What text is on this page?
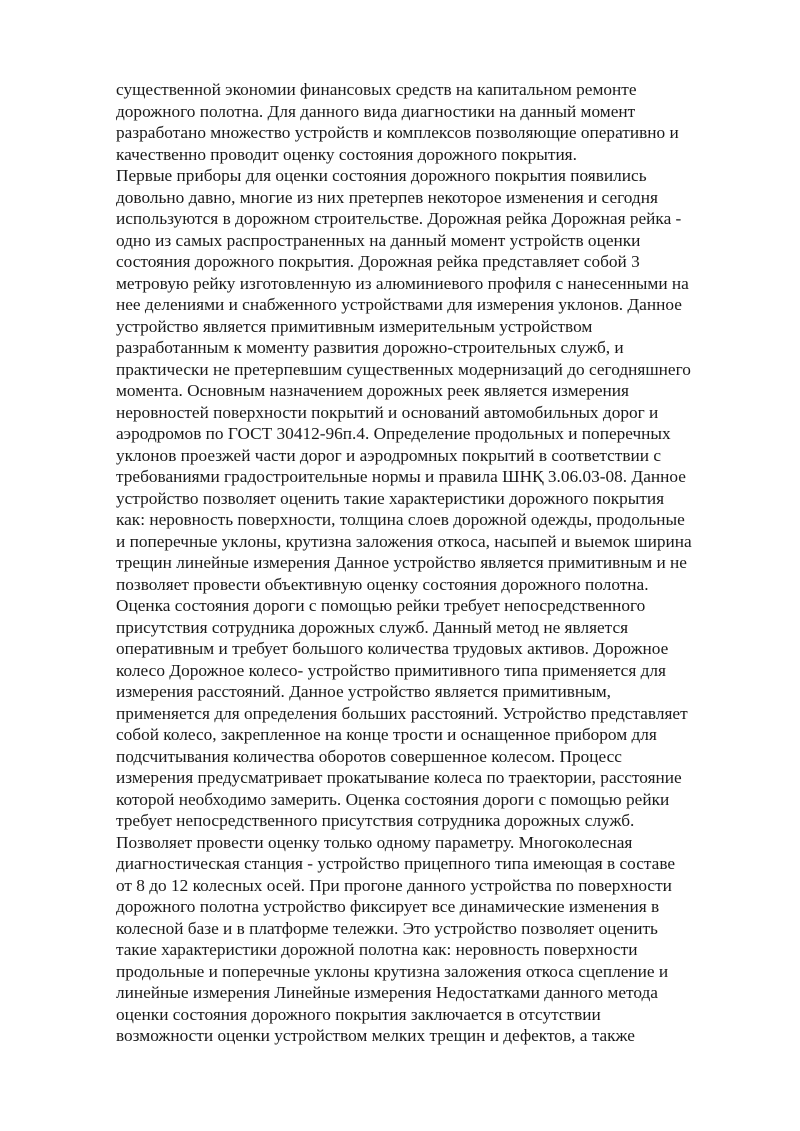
существенной экономии финансовых средств на капитальном ремонте
дорожного полотна. Для данного вида диагностики на данный момент
разработано множество устройств и комплексов позволяющие оперативно и
качественно проводит оценку состояния дорожного покрытия.
Первые приборы для оценки состояния дорожного покрытия появились
довольно давно, многие из них претерпев некоторое изменения и сегодня
используются в дорожном строительстве. Дорожная рейка Дорожная рейка -
одно из самых распространенных на данный момент устройств оценки
состояния дорожного покрытия. Дорожная рейка представляет собой 3
метровую рейку изготовленную из алюминиевого профиля с нанесенными на
нее делениями и снабженного устройствами для измерения уклонов. Данное
устройство является примитивным измерительным устройством
разработанным к моменту развития дорожно-строительных служб, и
практически не претерпевшим существенных модернизаций до сегодняшнего
момента. Основным назначением дорожных реек является измерения
неровностей поверхности покрытий и оснований автомобильных дорог и
аэродромов по ГОСТ 30412-96п.4. Определение продольных и поперечных
уклонов проезжей части дорог и аэродромных покрытий в соответствии с
требованиями градостроительные нормы и правила ШНҚ 3.06.03-08. Данное
устройство позволяет оценить такие характеристики дорожного покрытия
как: неровность поверхности, толщина слоев дорожной одежды, продольные
и поперечные уклоны, крутизна заложения откоса, насыпей и выемок ширина
трещин линейные измерения Данное устройство является примитивным и не
позволяет провести объективную оценку состояния дорожного полотна.
Оценка состояния дороги с помощью рейки требует непосредственного
присутствия сотрудника дорожных служб. Данный метод не является
оперативным и требует большого количества трудовых активов. Дорожное
колесо Дорожное колесо- устройство примитивного типа применяется для
измерения расстояний. Данное устройство является примитивным,
применяется для определения больших расстояний. Устройство представляет
собой колесо, закрепленное на конце трости и оснащенное прибором для
подсчитывания количества оборотов совершенное колесом. Процесс
измерения предусматривает прокатывание колеса по траектории, расстояние
которой необходимо замерить. Оценка состояния дороги с помощью рейки
требует непосредственного присутствия сотрудника дорожных служб.
Позволяет провести оценку только одному параметру. Многоколесная
диагностическая станция - устройство прицепного типа имеющая в составе
от 8 до 12 колесных осей. При прогоне данного устройства по поверхности
дорожного полотна устройство фиксирует все динамические изменения в
колесной базе и в платформе тележки. Это устройство позволяет оценить
такие характеристики дорожной полотна как: неровность поверхности
продольные и поперечные уклоны крутизна заложения откоса сцепление и
линейные измерения Линейные измерения Недостатками данного метода
оценки состояния дорожного покрытия заключается в отсутствии
возможности оценки устройством мелких трещин и дефектов, а также
